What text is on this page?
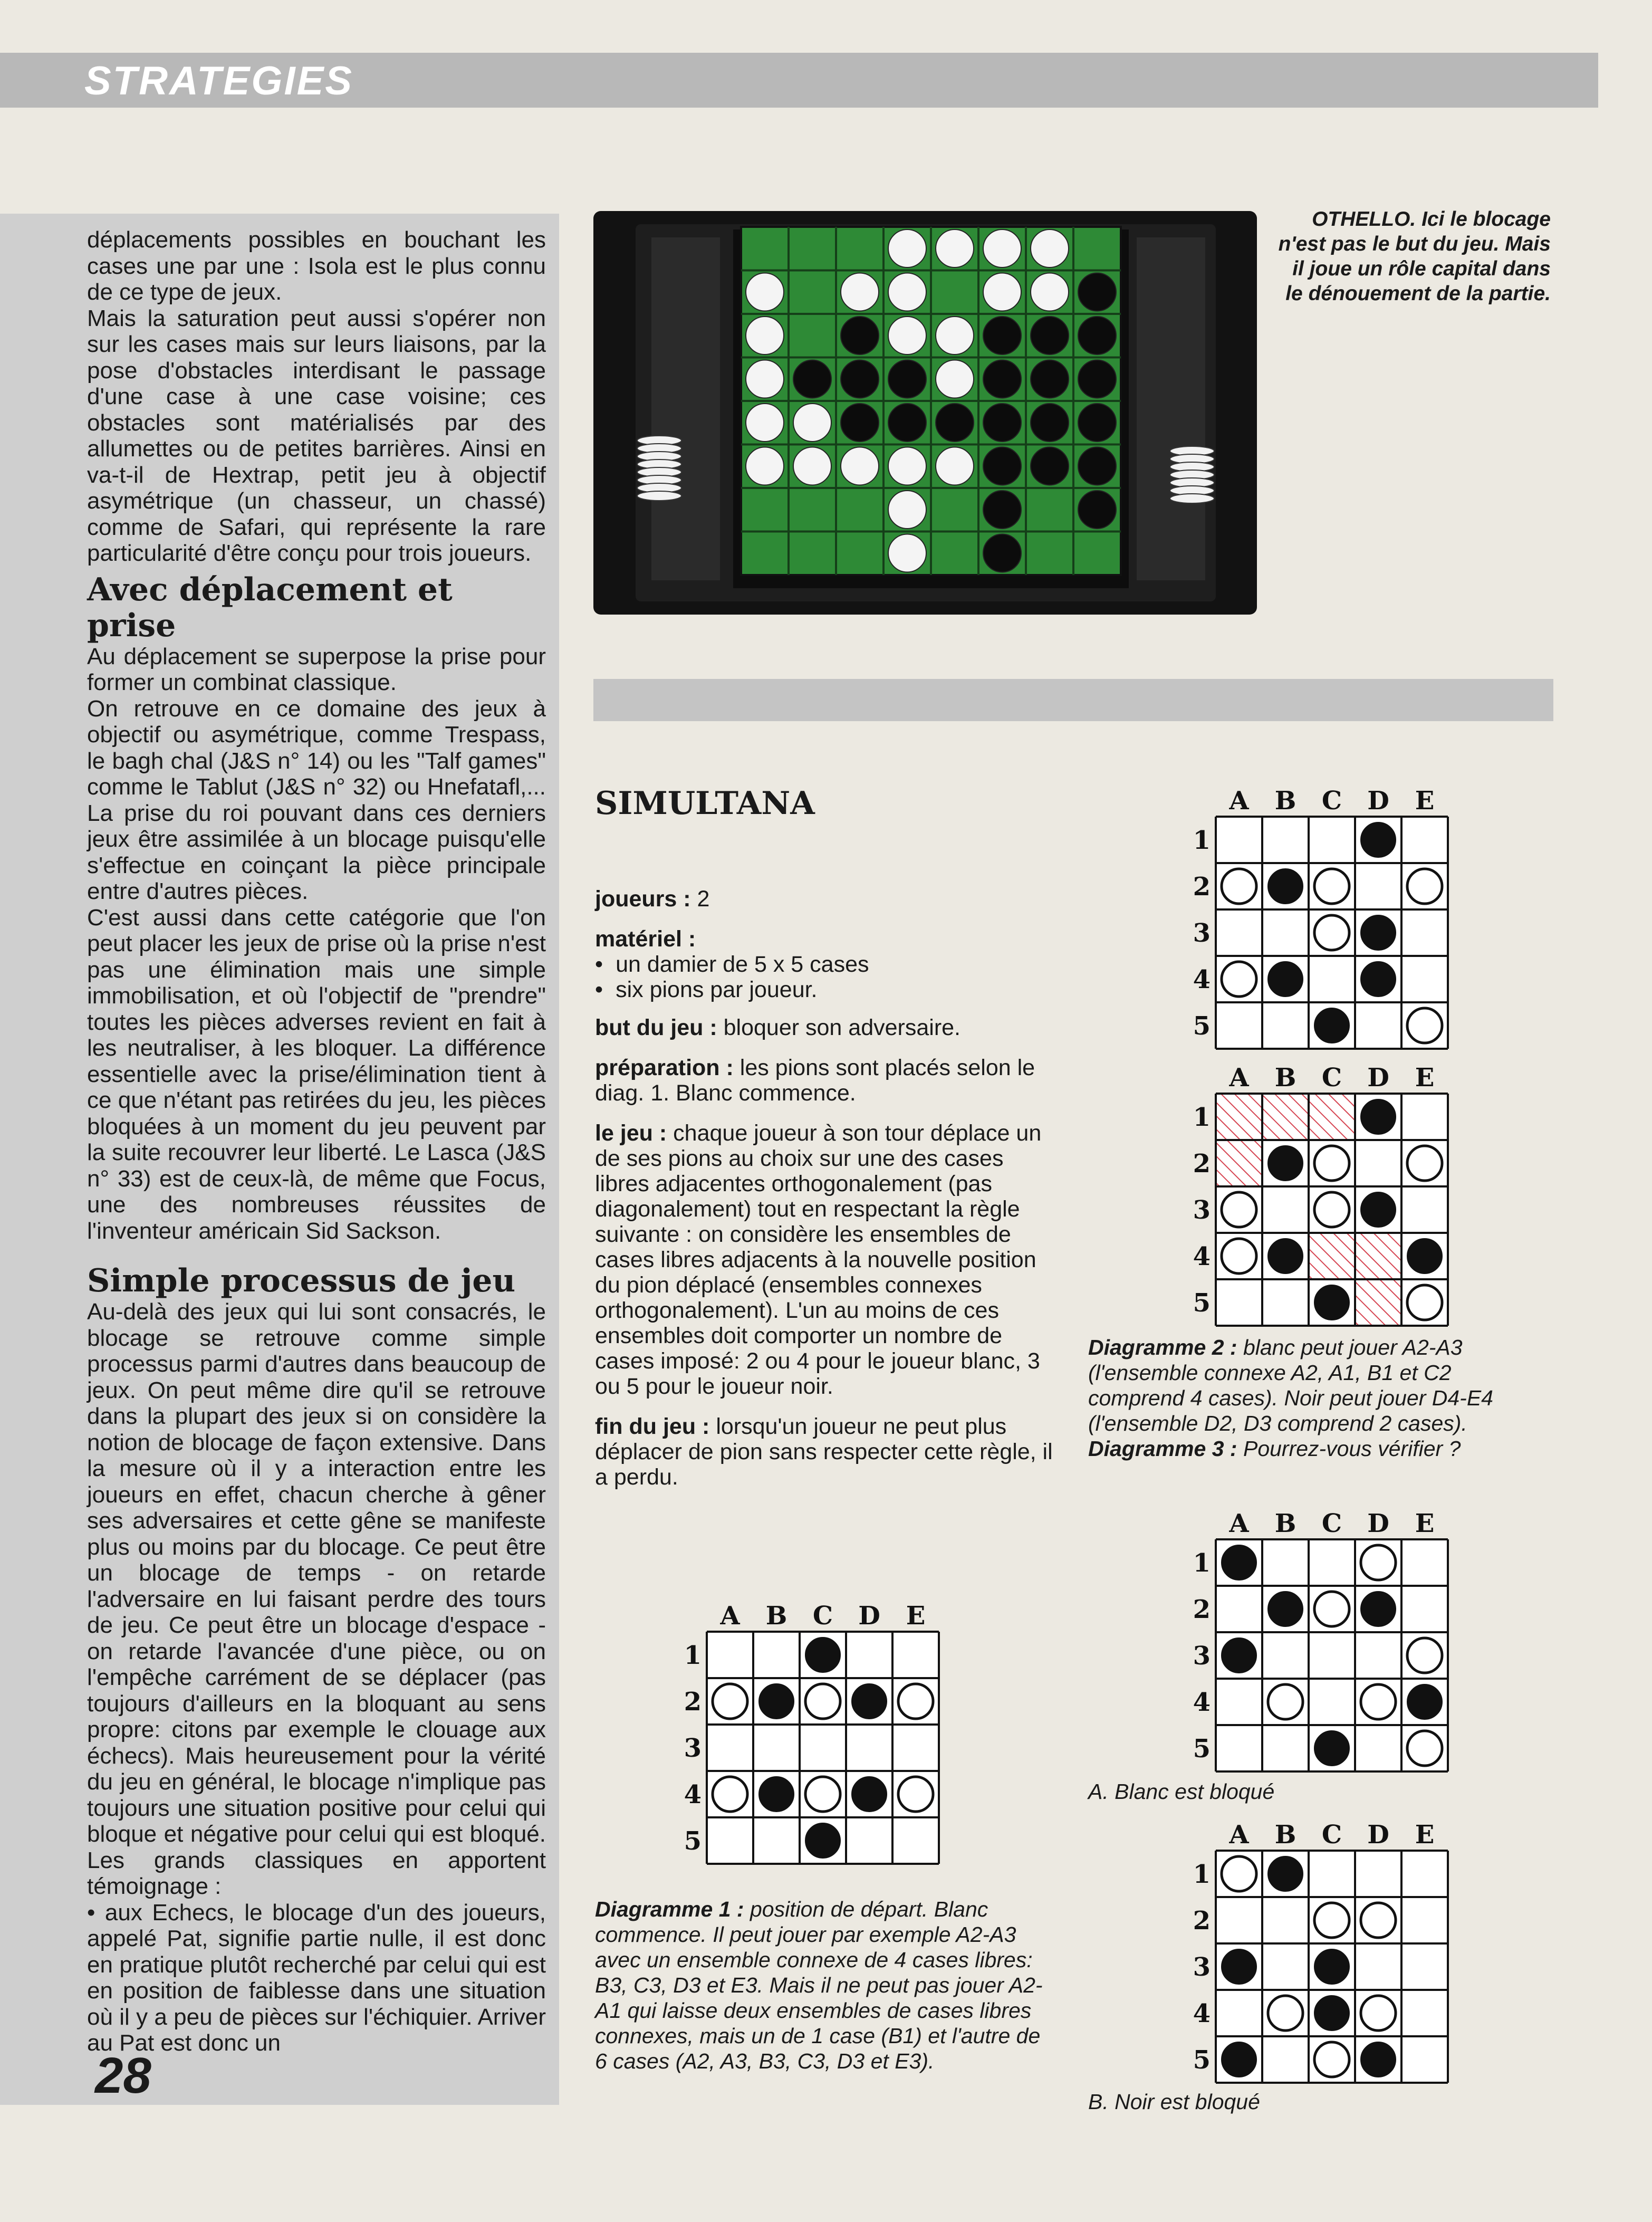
STRATEGIES

déplacements possibles en bouchant les cases une par une : Isola est le plus connu de ce type de jeux.

Mais la saturation peut aussi s'opérer non sur les cases mais sur leurs liaisons, par la pose d'obstacles interdisant le passage d'une case à une case voisine; ces obstacles sont matérialisés par des allumettes ou de petites barrières. Ainsi en va-t-il de Hextrap, petit jeu à objectif asymétrique (un chasseur, un chassé) comme de Safari, qui représente la rare particularité d'être conçu pour trois joueurs.

Avec déplacement et prise

Au déplacement se superpose la prise pour former un combinat classique.

On retrouve en ce domaine des jeux à objectif ou asymétrique, comme Trespass, le bagh chal (J&S n° 14) ou les "Talf games" comme le Tablut (J&S n° 32) ou Hnefatafl,... La prise du roi pouvant dans ces derniers jeux être assimilée à un blocage puisqu'elle s'effectue en coinçant la pièce principale entre d'autres pièces.

C'est aussi dans cette catégorie que l'on peut placer les jeux de prise où la prise n'est pas une élimination mais une simple immobilisation, et où l'objectif de "prendre" toutes les pièces adverses revient en fait à les neutraliser, à les bloquer. La différence essentielle avec la prise/élimination tient à ce que n'étant pas retirées du jeu, les pièces bloquées à un moment du jeu peuvent par la suite recouvrer leur liberté. Le Lasca (J&S n° 33) est de ceux-là, de même que Focus, une des nombreuses réussites de l'inventeur américain Sid Sackson.

Simple processus de jeu

Au-delà des jeux qui lui sont consacrés, le blocage se retrouve comme simple processus parmi d'autres dans beaucoup de jeux. On peut même dire qu'il se retrouve dans la plupart des jeux si on considère la notion de blocage de façon extensive. Dans la mesure où il y a interaction entre les joueurs en effet, chacun cherche à gêner ses adversaires et cette gêne se manifeste plus ou moins par du blocage. Ce peut être un blocage de temps - on retarde l'adversaire en lui faisant perdre des tours de jeu. Ce peut être un blocage d'espace - on retarde l'avancée d'une pièce, ou on l'empêche carrément de se déplacer (pas toujours d'ailleurs en la bloquant au sens propre: citons par exemple le clouage aux échecs). Mais heureusement pour la vérité du jeu en général, le blocage n'implique pas toujours une situation positive pour celui qui bloque et négative pour celui qui est bloqué. Les grands classiques en apportent témoignage :

• aux Echecs, le blocage d'un des joueurs, appelé Pat, signifie partie nulle, il est donc en pratique plutôt recherché par celui qui est en position de faiblesse dans une situation où il y a peu de pièces sur l'échiquier. Arriver au Pat est donc un

OTHELLO. Ici le blocage n'est pas le but du jeu. Mais il joue un rôle capital dans le dénouement de la partie.
SIMULTANA

joueurs : 2

matériel :

• un damier de 5 x 5 cases
• six pions par joueur.

but du jeu : bloquer son adversaire.

préparation : les pions sont placés selon le diag. 1. Blanc commence.

le jeu : chaque joueur à son tour déplace un de ses pions au choix sur une des cases libres adjacentes orthogonalement (pas diagonalement) tout en respectant la règle suivante : on considère les ensembles de cases libres adjacents à la nouvelle position du pion déplacé (ensembles connexes orthogonalement). L'un au moins de ces ensembles doit comporter un nombre de cases imposé: 2 ou 4 pour le joueur blanc, 3 ou 5 pour le joueur noir.

fin du jeu : lorsqu'un joueur ne peut plus déplacer de pion sans respecter cette règle, il a perdu.

A B C D E
1
2
3
4
5
A B C D E
1
2
3
4
5
A B C D E
1
2
3
4
5
A B C D E
1
2
3
4
5
A B C D E
1
2
3
4
5
Diagramme 1 : position de départ. Blanc commence. Il peut jouer par exemple A2-A3 avec un ensemble connexe de 4 cases libres: B3, C3, D3 et E3. Mais il ne peut pas jouer A2-A1 qui laisse deux ensembles de cases libres connexes, mais un de 1 case (B1) et l'autre de 6 cases (A2, A3, B3, C3, D3 et E3).
Diagramme 2 : blanc peut jouer A2-A3 (l'ensemble connexe A2, A1, B1 et C2 comprend 4 cases). Noir peut jouer D4-E4 (l'ensemble D2, D3 comprend 2 cases).
Diagramme 3 : Pourrez-vous vérifier ?
A. Blanc est bloqué
B. Noir est bloqué
28
